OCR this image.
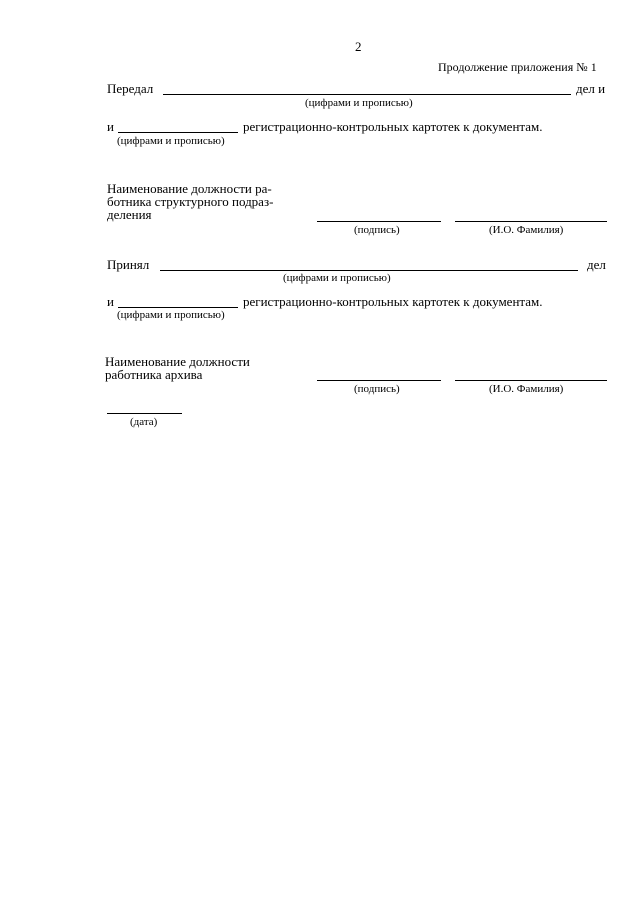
2
Продолжение приложения № 1
Передал	дел и
(цифрами и прописью)
и	регистрационно-контрольных картотек к документам.
(цифрами и прописью)
Наименование должности ра-
ботника структурного подраз-
деления
(подпись)	(И.О. Фамилия)
Принял	дел
(цифрами и прописью)
и	регистрационно-контрольных картотек к документам.
(цифрами и прописью)
Наименование должности
работника архива
(подпись)	(И.О. Фамилия)
(дата)
